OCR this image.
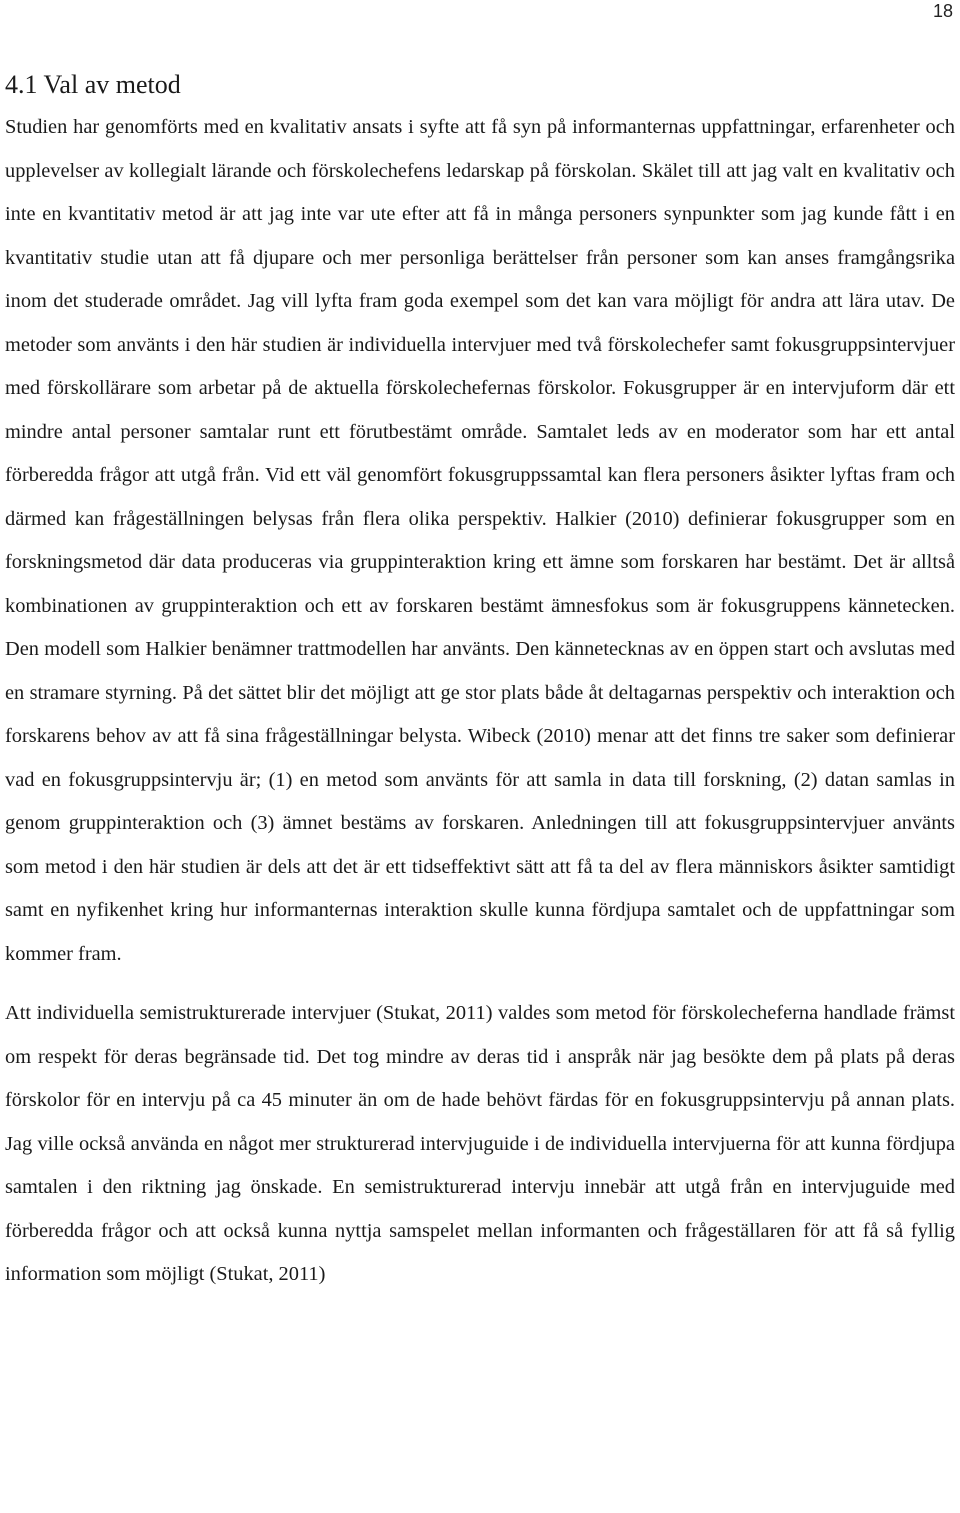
18
4.1 Val av metod

Studien har genomförts med en kvalitativ ansats i syfte att få syn på informanternas uppfattningar, erfarenheter och upplevelser av kollegialt lärande och förskolechefens ledarskap på förskolan. Skälet till att jag valt en kvalitativ och inte en kvantitativ metod är att jag inte var ute efter att få in många personers synpunkter som jag kunde fått i en kvantitativ studie utan att få djupare och mer personliga berättelser från personer som kan anses framgångsrika inom det studerade området. Jag vill lyfta fram goda exempel som det kan vara möjligt för andra att lära utav. De metoder som använts i den här studien är individuella intervjuer med två förskolechefer samt fokusgruppsintervjuer med förskollärare som arbetar på de aktuella förskolechefernas förskolor. Fokusgrupper är en intervjuform där ett mindre antal personer samtalar runt ett förutbestämt område. Samtalet leds av en moderator som har ett antal förberedda frågor att utgå från. Vid ett väl genomfört fokusgruppssamtal kan flera personers åsikter lyftas fram och därmed kan frågeställningen belysas från flera olika perspektiv. Halkier (2010) definierar fokusgrupper som en forskningsmetod där data produceras via gruppinteraktion kring ett ämne som forskaren har bestämt. Det är alltså kombinationen av gruppinteraktion och ett av forskaren bestämt ämnesfokus som är fokusgruppens kännetecken. Den modell som Halkier benämner trattmodellen har använts. Den kännetecknas av en öppen start och avslutas med en stramare styrning. På det sättet blir det möjligt att ge stor plats både åt deltagarnas perspektiv och interaktion och forskarens behov av att få sina frågeställningar belysta. Wibeck (2010) menar att det finns tre saker som definierar vad en fokusgruppsintervju är; (1) en metod som använts för att samla in data till forskning, (2) datan samlas in genom gruppinteraktion och (3) ämnet bestäms av forskaren. Anledningen till att fokusgruppsintervjuer använts som metod i den här studien är dels att det är ett tidseffektivt sätt att få ta del av flera människors åsikter samtidigt samt en nyfikenhet kring hur informanternas interaktion skulle kunna fördjupa samtalet och de uppfattningar som kommer fram.

Att individuella semistrukturerade intervjuer (Stukat, 2011) valdes som metod för förskolecheferna handlade främst om respekt för deras begränsade tid. Det tog mindre av deras tid i anspråk när jag besökte dem på plats på deras förskolor för en intervju på ca 45 minuter än om de hade behövt färdas för en fokusgruppsintervju på annan plats. Jag ville också använda en något mer strukturerad intervjuguide i de individuella intervjuerna för att kunna fördjupa samtalen i den riktning jag önskade. En semistrukturerad intervju innebär att utgå från en intervjuguide med förberedda frågor och att också kunna nyttja samspelet mellan informanten och frågeställaren för att få så fyllig information som möjligt (Stukat, 2011)
